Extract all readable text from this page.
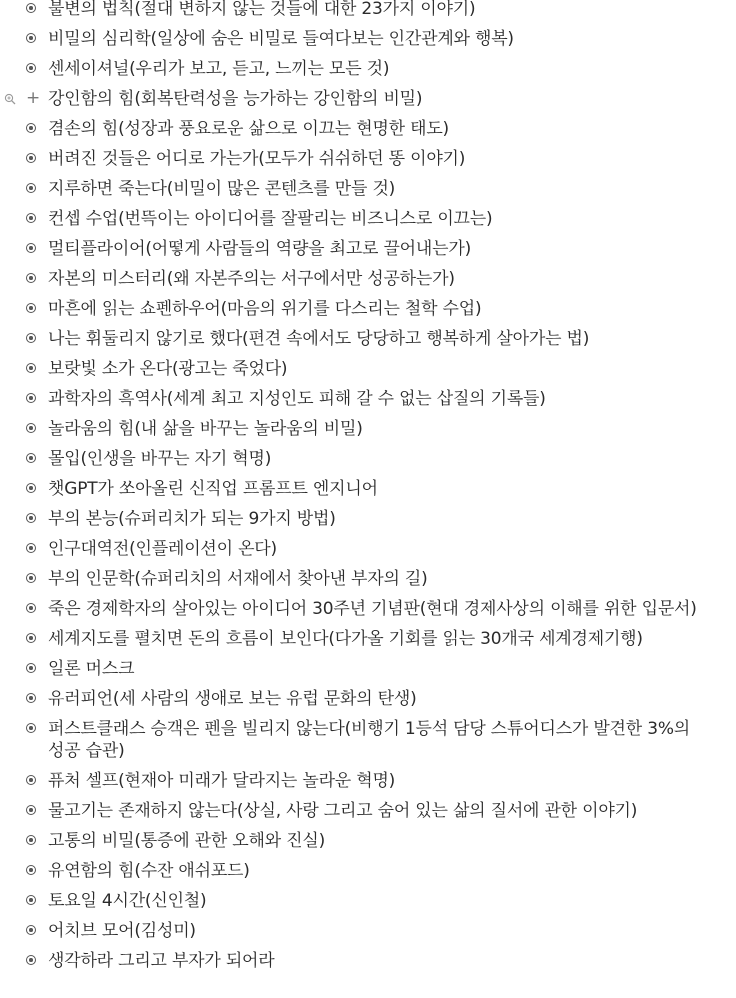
불변의 법칙(절대 변하지 않는 것들에 대한 23가지 이야기)
비밀의 심리학(일상에 숨은 비밀로 들여다보는 인간관계와 행복)
센세이셔널(우리가 보고, 듣고, 느끼는 모든 것)
+ 강인함의 힘(회복탄력성을 능가하는 강인함의 비밀)
겸손의 힘(성장과 풍요로운 삶으로 이끄는 현명한 태도)
버려진 것들은 어디로 가는가(모두가 쉬쉬하던 똥 이야기)
지루하면 죽는다(비밀이 많은 콘텐츠를 만들 것)
컨셉 수업(번뜩이는 아이디어를 잘팔리는 비즈니스로 이끄는)
멀티플라이어(어떻게 사람들의 역량을 최고로 끌어내는가)
자본의 미스터리(왜 자본주의는 서구에서만 성공하는가)
마흔에 읽는 쇼펜하우어(마음의 위기를 다스리는 철학 수업)
나는 휘둘리지 않기로 했다(편견 속에서도 당당하고 행복하게 살아가는 법)
보랏빛 소가 온다(광고는 죽었다)
과학자의 흑역사(세계 최고 지성인도 피해 갈 수 없는 삽질의 기록들)
놀라움의 힘(내 삶을 바꾸는 놀라움의 비밀)
몰입(인생을 바꾸는 자기 혁명)
챗GPT가 쏘아올린 신직업 프롬프트 엔지니어
부의 본능(슈퍼리치가 되는 9가지 방법)
인구대역전(인플레이션이 온다)
부의 인문학(슈퍼리치의 서재에서 찾아낸 부자의 길)
죽은 경제학자의 살아있는 아이디어 30주년 기념판(현대 경제사상의 이해를 위한 입문서)
세계지도를 펼치면 돈의 흐름이 보인다(다가올 기회를 읽는 30개국 세계경제기행)
일론 머스크
유러피언(세 사람의 생애로 보는 유럽 문화의 탄생)
퍼스트클래스 승객은 펜을 빌리지 않는다(비행기 1등석 담당 스튜어디스가 발견한 3%의 성공 습관)
퓨처 셀프(현재아 미래가 달라지는 놀라운 혁명)
물고기는 존재하지 않는다(상실, 사랑 그리고 숨어 있는 삶의 질서에 관한 이야기)
고통의 비밀(통증에 관한 오해와 진실)
유연함의 힘(수잔 애쉬포드)
토요일 4시간(신인철)
어치브 모어(김성미)
생각하라 그리고 부자가 되어라
